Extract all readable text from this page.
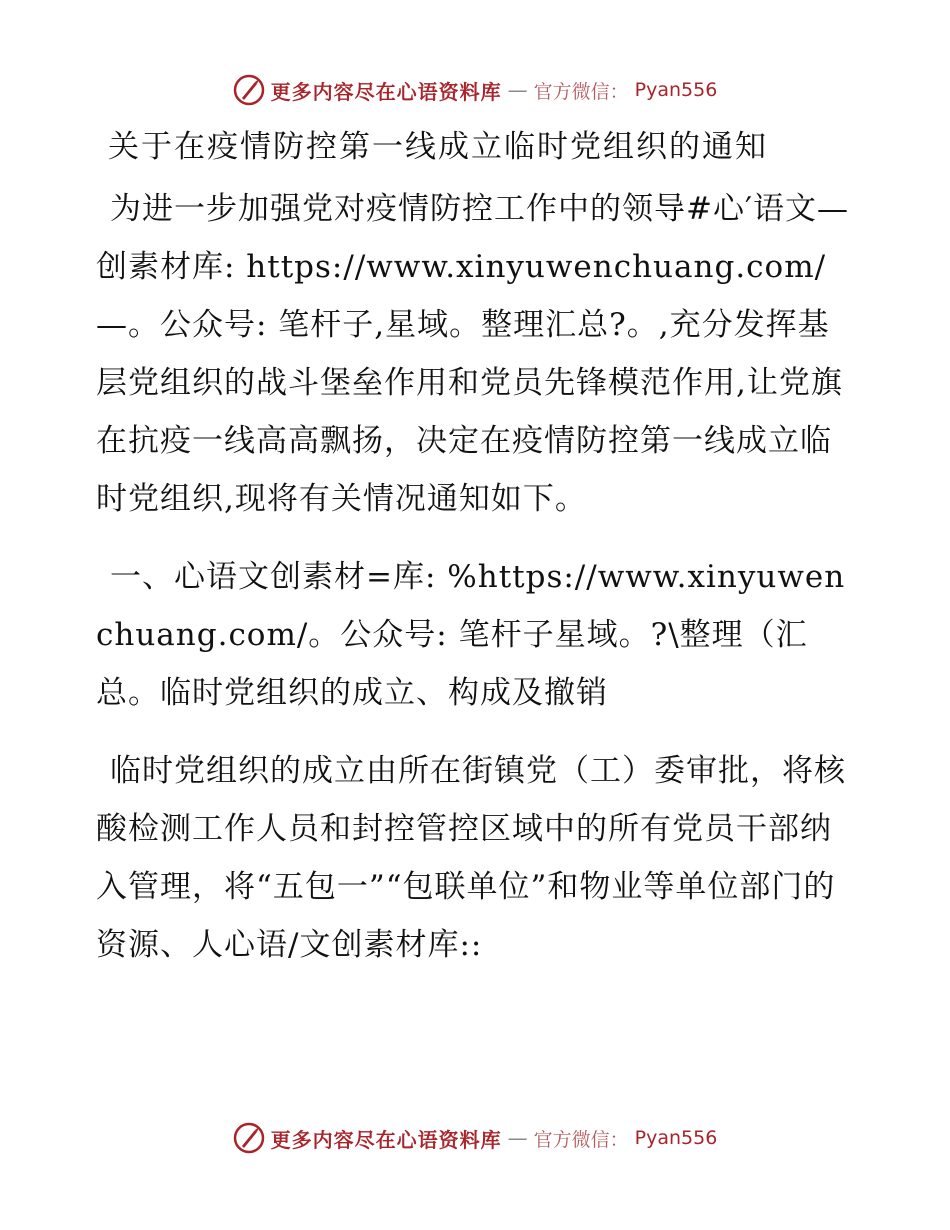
更多内容尽在心语资料库 — 官方微信： Pyan556
关于在疫情防控第一线成立临时党组织的通知

为进一步加强党对疫情防控工作中的领导#心′语文—创素材库: https://www.xinyuwenchuang.com/—。公众号: 笔杆子,星域。整理汇总?。,充分发挥基层党组织的战斗堡垒作用和党员先锋模范作用,让党旗在抗疫一线高高飘扬，决定在疫情防控第一线成立临时党组织,现将有关情况通知如下。

一、心语文创素材=库: %https://www.xinyuwenchuang.com/。公众号: 笔杆子星域。?\整理（汇总。临时党组织的成立、构成及撤销

临时党组织的成立由所在街镇党（工）委审批，将核酸检测工作人员和封控管控区域中的所有党员干部纳入管理，将“五包一”“包联单位”和物业等单位部门的资源、人心语/文创素材库::

更多内容尽在心语资料库 — 官方微信： Pyan556
